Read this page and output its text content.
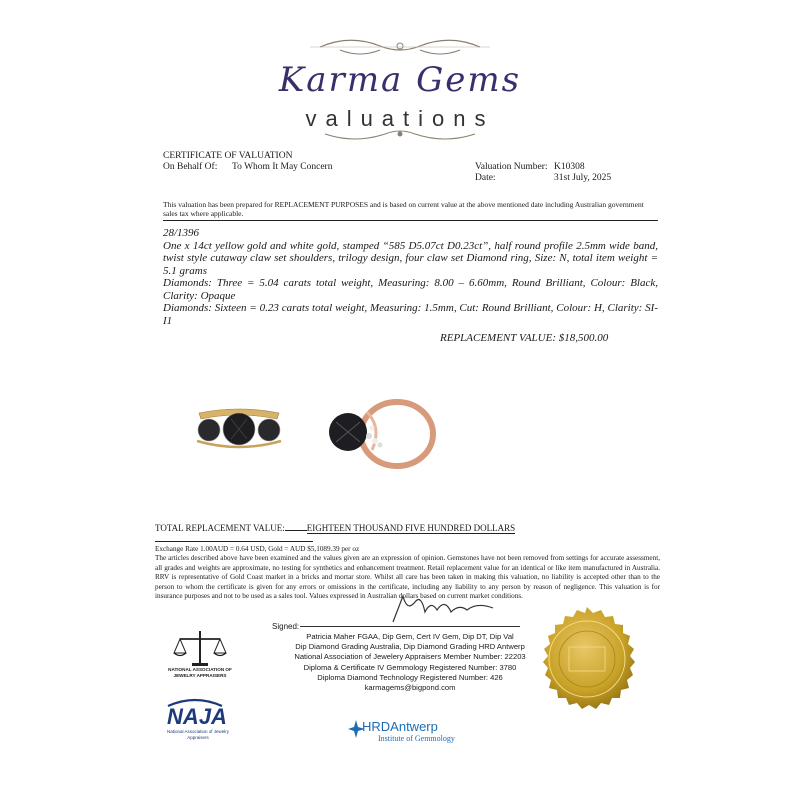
Karma Gems
valuations
CERTIFICATE OF VALUATION
On Behalf Of: To Whom It May Concern	Valuation Number: K10308
Date:	31st July, 2025
This valuation has been prepared for REPLACEMENT PURPOSES and is based on current value at the above mentioned date including Australian government sales tax where applicable.

28/1396

One x 14ct yellow gold and white gold, stamped “585 D5.07ct D0.23ct”, half round profile 2.5mm wide band, twist style cutaway claw set shoulders, trilogy design, four claw set Diamond ring, Size: N, total item weight = 5.1 grams

Diamonds: Three = 5.04 carats total weight, Measuring: 8.00 – 6.60mm, Round Brilliant, Colour: Black, Clarity: Opaque

Diamonds: Sixteen = 0.23 carats total weight, Measuring: 1.5mm, Cut: Round Brilliant, Colour: H, Clarity: SI-I1

REPLACEMENT VALUE: $18,500.00
TOTAL REPLACEMENT VALUE: EIGHTEEN THOUSAND FIVE HUNDRED DOLLARS

Exchange Rate 1.00AUD = 0.64 USD, Gold = AUD $5,1089.39 per oz

The articles described above have been examined and the values given are an expression of opinion. Gemstones have not been removed from settings for accurate assessment, all grades and weights are approximate, no testing for synthetics and enhancement treatment. Retail replacement value for an identical or like item manufactured in Australia. RRV is representative of Gold Coast market in a bricks and mortar store. Whilst all care has been taken in making this valuation, no liability is accepted other than to the person to whom the certificate is given for any errors or omissions in the certificate, including any liability to any person by reason of negligence. This valuation is for insurance purposes and not to be used as a sales tool. Values expressed in Australian dollars based on current market conditions.

Signed:

Patricia Maher FGAA, Dip Gem, Cert IV Gem, Dip DT, Dip Val

Dip Diamond Grading Australia, Dip Diamond Grading HRD Antwerp

National Association of Jewelery Appraisers Member Number: 22203

Diploma & Certificate IV Gemmology Registered Number: 3780

Diploma Diamond Technology Registered Number: 426

karmagems@bigpond.com

NATIONAL ASSOCIATION OF JEWELRY APPRAISERS
NAJA
National Association of Jewelry Appraisers
HRDAntwerp
Institute of Gemmology
